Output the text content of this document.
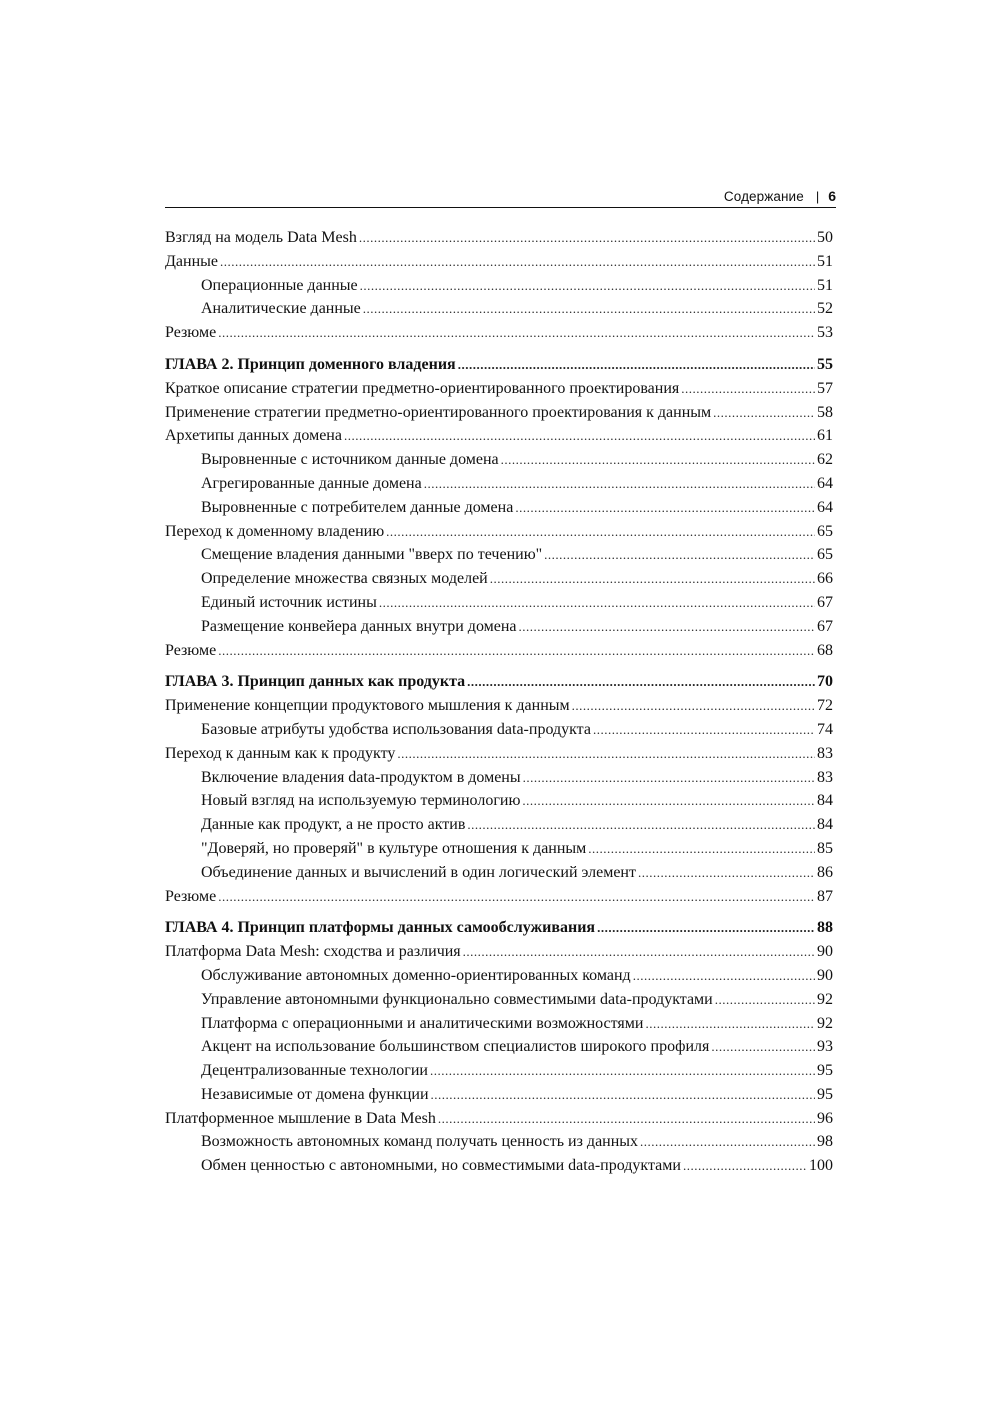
Содержание | 6
Взгляд на модель Data Mesh .....	50
Данные .....	51
Операционные данные .....	51
Аналитические данные .....	52
Резюме .....	53
ГЛАВА 2. Принцип доменного владения .....	55
Краткое описание стратегии предметно-ориентированного проектирования .....	57
Применение стратегии предметно-ориентированного проектирования к данным .....	58
Архетипы данных домена .....	61
Выровненные с источником данные домена .....	62
Агрегированные данные домена .....	64
Выровненные с потребителем данные домена .....	64
Переход к доменному владению .....	65
Смещение владения данными "вверх по течению" .....	65
Определение множества связных моделей .....	66
Единый источник истины .....	67
Размещение конвейера данных внутри домена .....	67
Резюме .....	68
ГЛАВА 3. Принцип данных как продукта .....	70
Применение концепции продуктового мышления к данным .....	72
Базовые атрибуты удобства использования data-продукта .....	74
Переход к данным как к продукту .....	83
Включение владения data-продуктом в домены .....	83
Новый взгляд на используемую терминологию .....	84
Данные как продукт, а не просто актив .....	84
"Доверяй, но проверяй" в культуре отношения к данным .....	85
Объединение данных и вычислений в один логический элемент .....	86
Резюме .....	87
ГЛАВА 4. Принцип платформы данных самообслуживания .....	88
Платформа Data Mesh: сходства и различия .....	90
Обслуживание автономных доменно-ориентированных команд .....	90
Управление автономными функционально совместимыми data-продуктами .....	92
Платформа с операционными и аналитическими возможностями .....	92
Акцент на использование большинством специалистов широкого профиля .....	93
Децентрализованные технологии .....	95
Независимые от домена функции .....	95
Платформенное мышление в Data Mesh .....	96
Возможность автономных команд получать ценность из данных .....	98
Обмен ценностью с автономными, но совместимыми data-продуктами .....	100
